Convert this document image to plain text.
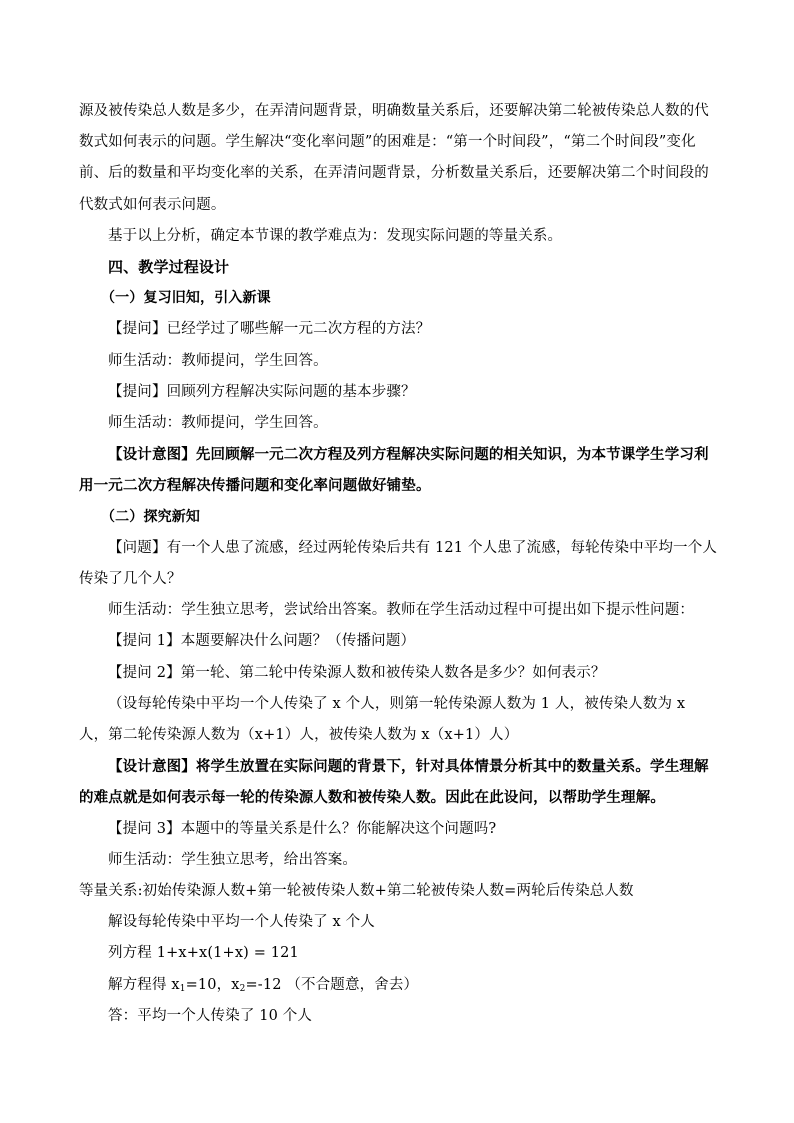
源及被传染总人数是多少，在弄清问题背景，明确数量关系后，还要解决第二轮被传染总人数的代数式如何表示的问题。学生解决“变化率问题”的困难是：“第一个时间段”，“第二个时间段”变化前、后的数量和平均变化率的关系，在弄清问题背景，分析数量关系后，还要解决第二个时间段的代数式如何表示问题。

基于以上分析，确定本节课的教学难点为：发现实际问题的等量关系。

四、教学过程设计

（一）复习旧知，引入新课

【提问】已经学过了哪些解一元二次方程的方法？

师生活动：教师提问，学生回答。

【提问】回顾列方程解决实际问题的基本步骤？

师生活动：教师提问，学生回答。

【设计意图】先回顾解一元二次方程及列方程解决实际问题的相关知识，为本节课学生学习利用一元二次方程解决传播问题和变化率问题做好铺垫。

（二）探究新知

【问题】有一个人患了流感，经过两轮传染后共有 121 个人患了流感，每轮传染中平均一个人传染了几个人？

师生活动：学生独立思考，尝试给出答案。教师在学生活动过程中可提出如下提示性问题：

【提问 1】本题要解决什么问题？（传播问题）

【提问 2】第一轮、第二轮中传染源人数和被传染人数各是多少？如何表示？

（设每轮传染中平均一个人传染了 x 个人，则第一轮传染源人数为 1 人，被传染人数为 x 人，第二轮传染源人数为（x+1）人，被传染人数为 x（x+1）人）

【设计意图】将学生放置在实际问题的背景下，针对具体情景分析其中的数量关系。学生理解的难点就是如何表示每一轮的传染源人数和被传染人数。因此在此设问，以帮助学生理解。

【提问 3】本题中的等量关系是什么？你能解决这个问题吗?

师生活动：学生独立思考，给出答案。

等量关系:初始传染源人数+第一轮被传染人数+第二轮被传染人数=两轮后传染总人数

解设每轮传染中平均一个人传染了 x 个人

列方程 1+x+x(1+x) = 121

解方程得 $x_1=10$，$x_2=-12$ （不合题意，舍去）

答：平均一个人传染了 10 个人
